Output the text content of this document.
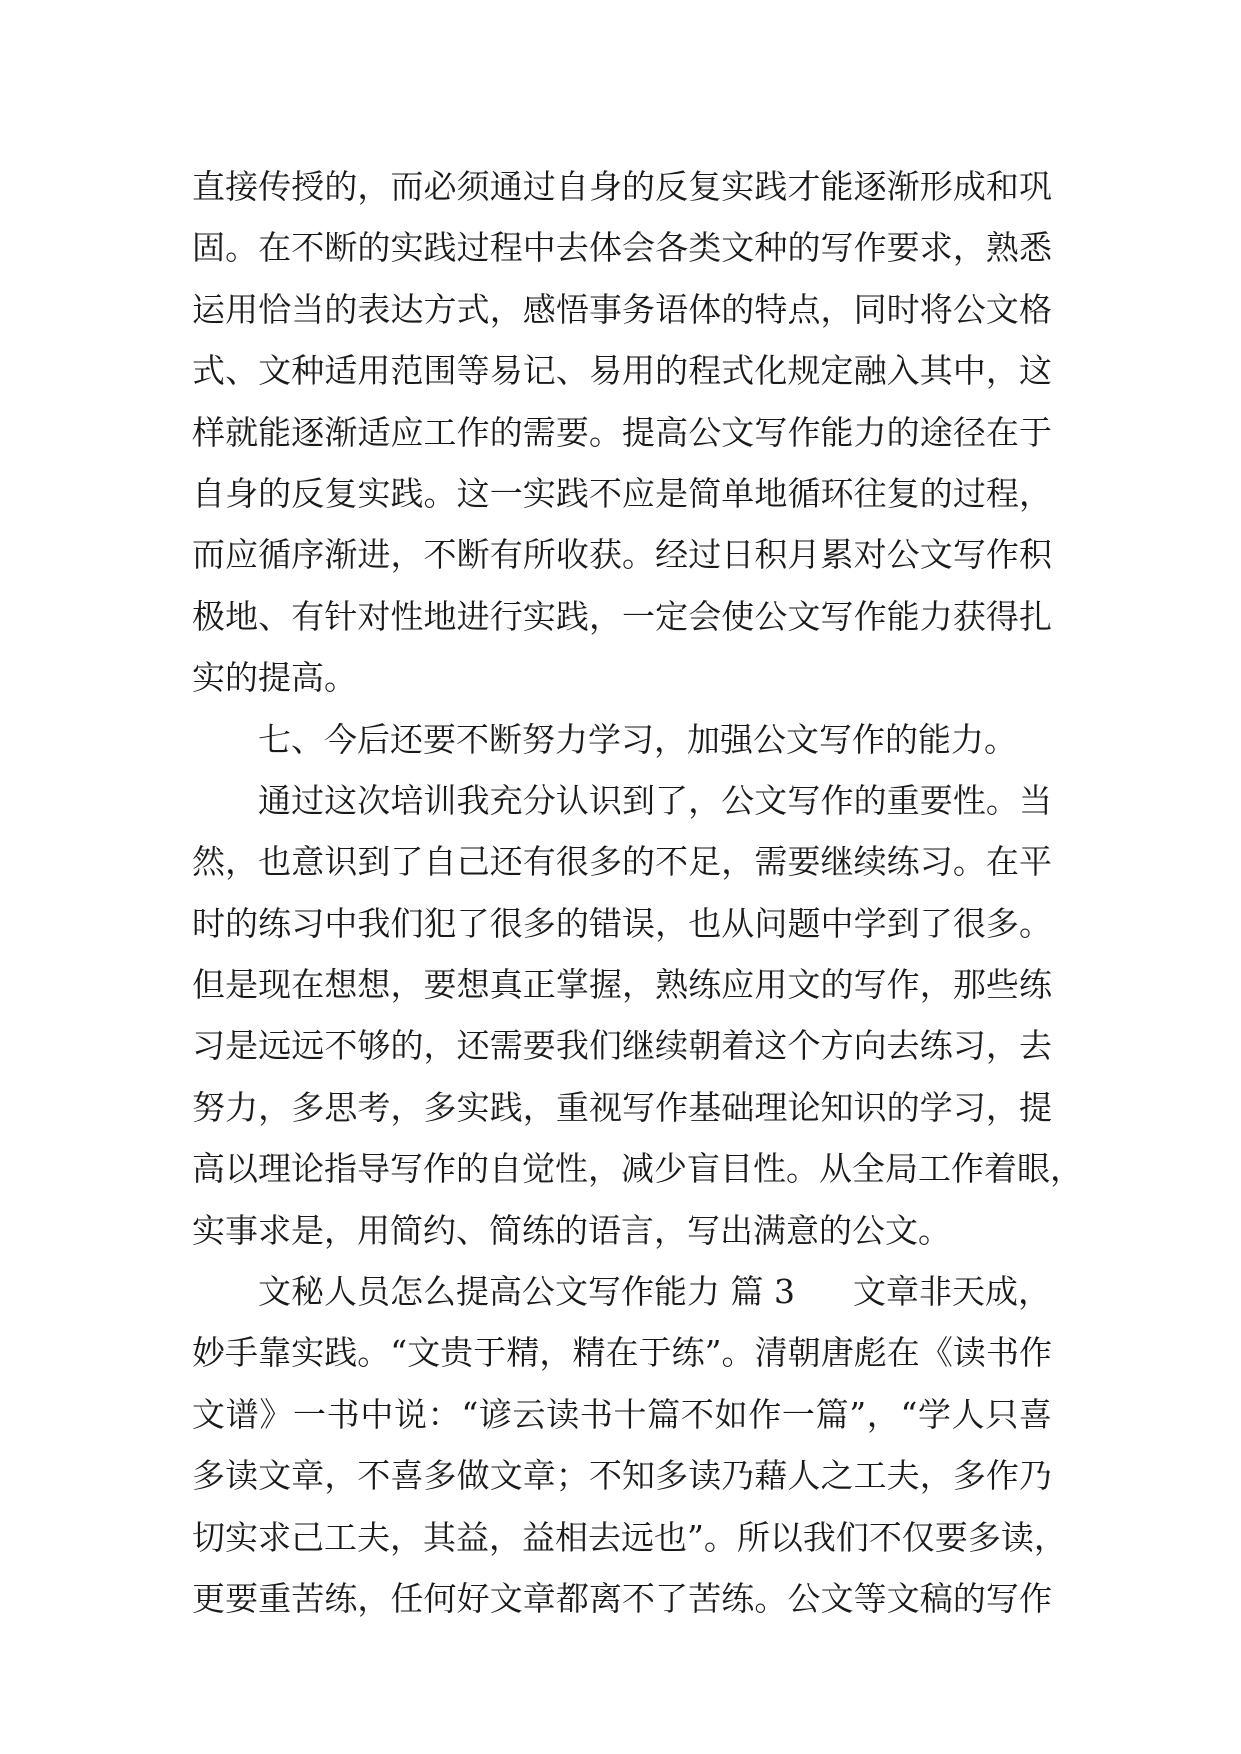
直接传授的，而必须通过自身的反复实践才能逐渐形成和巩
固。在不断的实践过程中去体会各类文种的写作要求，熟悉
运用恰当的表达方式，感悟事务语体的特点，同时将公文格
式、文种适用范围等易记、易用的程式化规定融入其中，这
样就能逐渐适应工作的需要。提高公文写作能力的途径在于
自身的反复实践。这一实践不应是简单地循环往复的过程，
而应循序渐进，不断有所收获。经过日积月累对公文写作积
极地、有针对性地进行实践，一定会使公文写作能力获得扎
实的提高。
七、今后还要不断努力学习，加强公文写作的能力。
通过这次培训我充分认识到了，公文写作的重要性。当
然，也意识到了自己还有很多的不足，需要继续练习。在平
时的练习中我们犯了很多的错误，也从问题中学到了很多。
但是现在想想，要想真正掌握，熟练应用文的写作，那些练
习是远远不够的，还需要我们继续朝着这个方向去练习，去
努力，多思考，多实践，重视写作基础理论知识的学习，提
高以理论指导写作的自觉性，减少盲目性。从全局工作着眼，
实事求是，用简约、简练的语言，写出满意的公文。
文秘人员怎么提高公文写作能力 篇 3 文章非天成，
妙手靠实践。“文贵于精，精在于练”。清朝唐彪在《读书作
文谱》一书中说：“谚云读书十篇不如作一篇”，“学人只喜
多读文章，不喜多做文章；不知多读乃藉人之工夫，多作乃
切实求己工夫，其益，益相去远也”。所以我们不仅要多读，
更要重苦练，任何好文章都离不了苦练。公文等文稿的写作
